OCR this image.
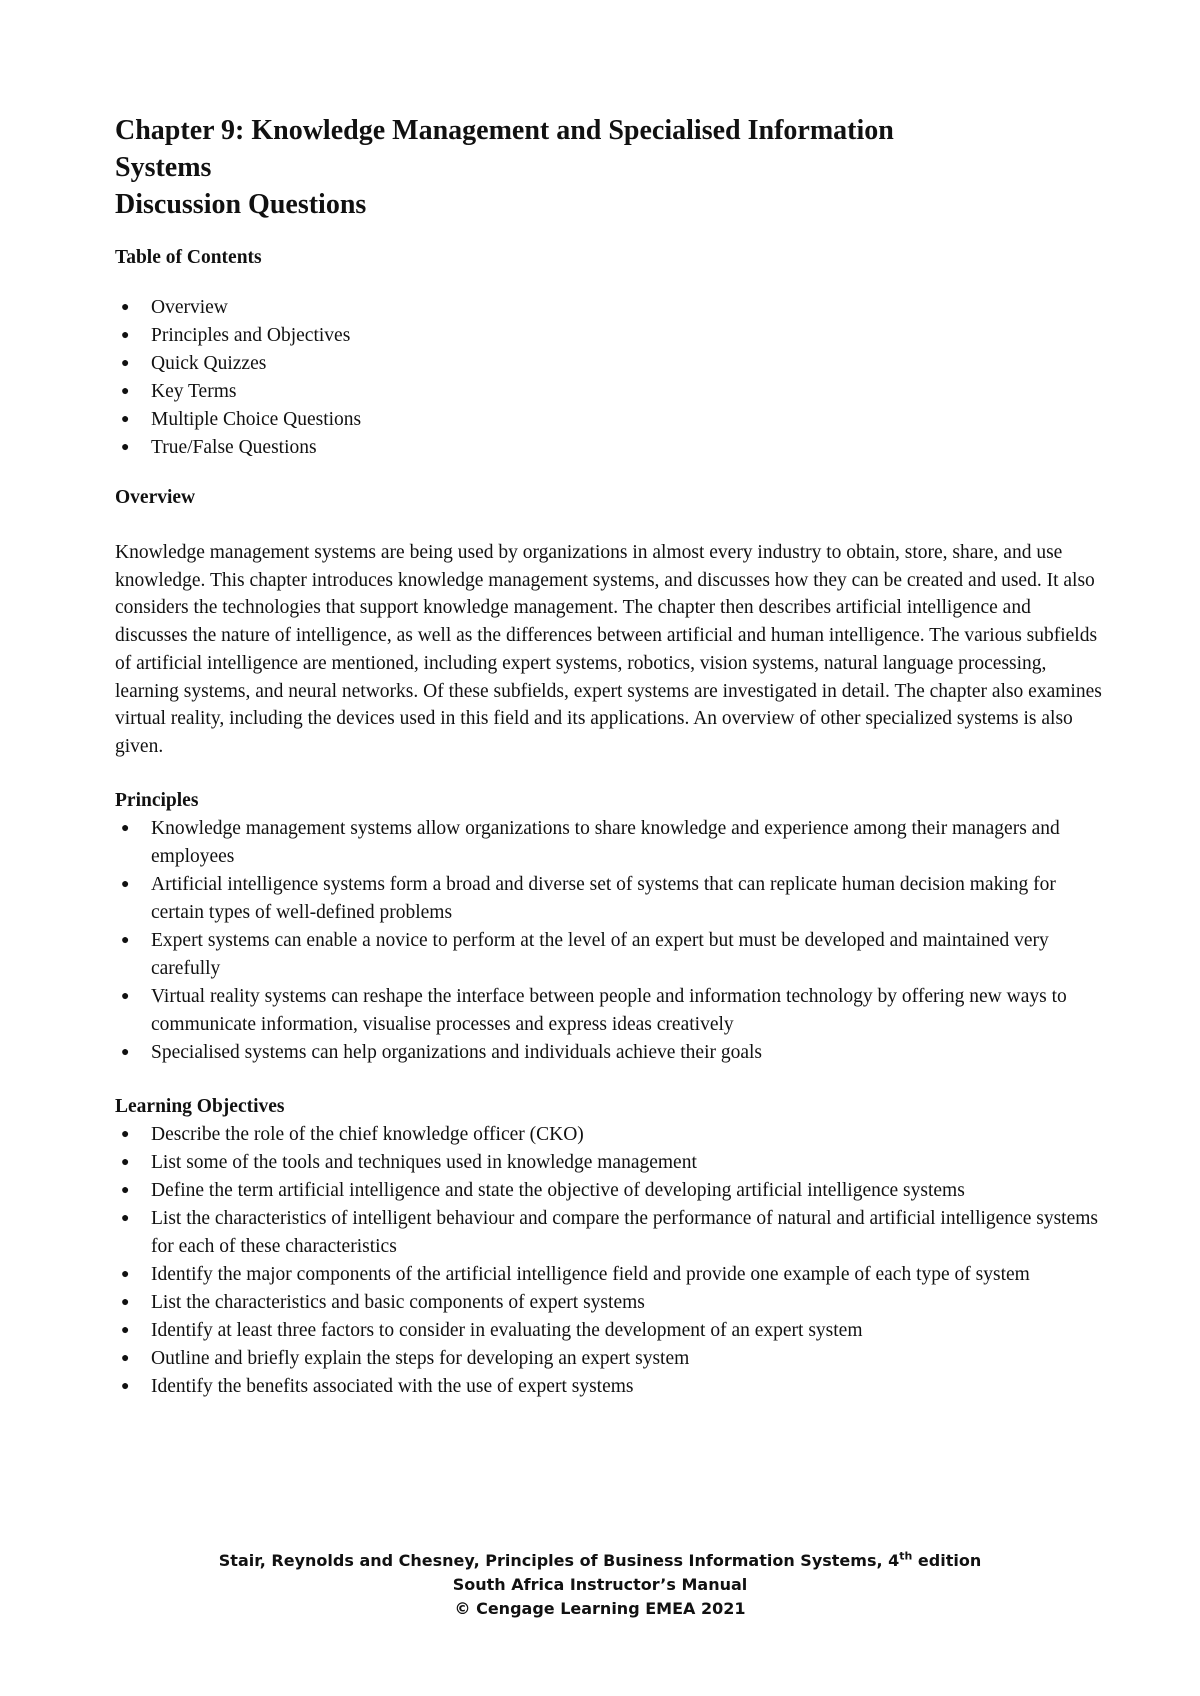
Chapter 9: Knowledge Management and Specialised Information
Systems
Discussion Questions
Table of Contents
● Overview
● Principles and Objectives
● Quick Quizzes
● Key Terms
● Multiple Choice Questions
● True/False Questions
Overview
Knowledge management systems are being used by organizations in almost every industry to obtain, store, share, and use knowledge. This chapter introduces knowledge management systems, and discusses how they can be created and used. It also considers the technologies that support knowledge management. The chapter then describes artificial intelligence and discusses the nature of intelligence, as well as the differences between artificial and human intelligence. The various subfields of artificial intelligence are mentioned, including expert systems, robotics, vision systems, natural language processing, learning systems, and neural networks. Of these subfields, expert systems are investigated in detail. The chapter also examines virtual reality, including the devices used in this field and its applications. An overview of other specialized systems is also given.
Principles
● Knowledge management systems allow organizations to share knowledge and experience among their managers and employees
● Artificial intelligence systems form a broad and diverse set of systems that can replicate human decision making for certain types of well-defined problems
● Expert systems can enable a novice to perform at the level of an expert but must be developed and maintained very carefully
● Virtual reality systems can reshape the interface between people and information technology by offering new ways to communicate information, visualise processes and express ideas creatively
● Specialised systems can help organizations and individuals achieve their goals
Learning Objectives
● Describe the role of the chief knowledge officer (CKO)
● List some of the tools and techniques used in knowledge management
● Define the term artificial intelligence and state the objective of developing artificial intelligence systems
● List the characteristics of intelligent behaviour and compare the performance of natural and artificial intelligence systems for each of these characteristics
● Identify the major components of the artificial intelligence field and provide one example of each type of system
● List the characteristics and basic components of expert systems
● Identify at least three factors to consider in evaluating the development of an expert system
● Outline and briefly explain the steps for developing an expert system
● Identify the benefits associated with the use of expert systems
Stair, Reynolds and Chesney, Principles of Business Information Systems, 4th edition
South Africa Instructor’s Manual
© Cengage Learning EMEA 2021
